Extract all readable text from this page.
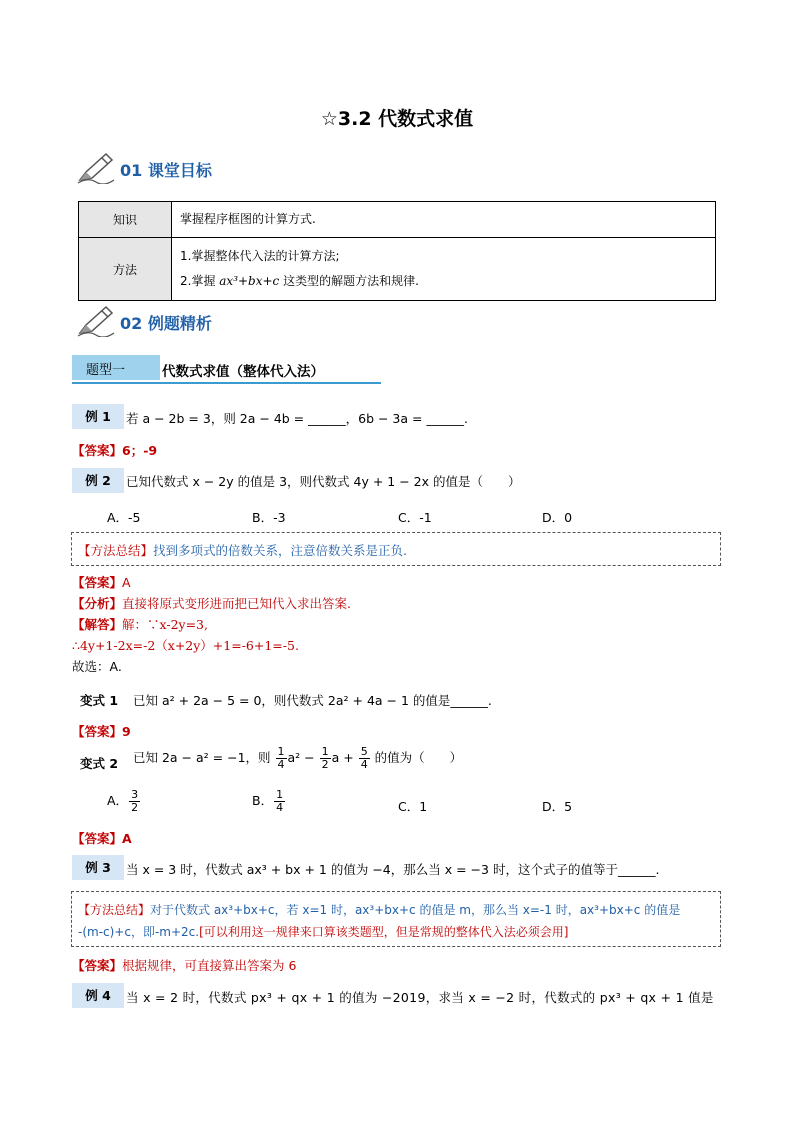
☆3.2 代数式求值
01 课堂目标
知识	掌握程序框图的计算方式.
方法	1.掌握整体代入法的计算方法;
2.掌握 ax³+bx+c 这类型的解题方法和规律.
02 例题精析
题型一	代数式求值（整体代入法）
例 1	若 a − 2b = 3，则 2a − 4b = ______，6b − 3a = ______.
【答案】6；-9
例 2	已知代数式 x − 2y 的值是 3，则代数式 4y + 1 − 2x 的值是（　　）
A．-5	B．-3	C．-1	D．0
【方法总结】找到多项式的倍数关系，注意倍数关系是正负.
【答案】A
【分析】直接将原式变形进而把已知代入求出答案.
【解答】解：∵x-2y=3,
∴4y+1-2x=-2（x+2y）+1=-6+1=-5.
故选：A.
变式 1 已知 a² + 2a − 5 = 0，则代数式 2a² + 4a − 1 的值是______.
【答案】9
变式 2 已知 2a − a² = −1，则 $\frac{1}{4} a^2 - \frac{1}{2}$ $a + \frac{5}{4}$ 的值为（　　）
A． $\frac{3}{2}$	B． $\frac{1}{4}$	C．1	D．5
【答案】A
例 3	当 x = 3 时，代数式 ax³ + bx + 1 的值为 −4，那么当 x = −3 时，这个式子的值等于______.
【方法总结】对于代数式 ax³+bx+c，若 x=1 时，ax³+bx+c 的值是 m，那么当 x=-1 时，ax³+bx+c 的值是
-(m-c)+c，即-m+2c.[可以利用这一规律来口算该类题型，但是常规的整体代入法必须会用]
【答案】根据规律，可直接算出答案为 6
例 4	当 x = 2 时，代数式 px³ + qx + 1 的值为 −2019，求当 x = −2 时，代数式的 px³ + qx + 1 值是
